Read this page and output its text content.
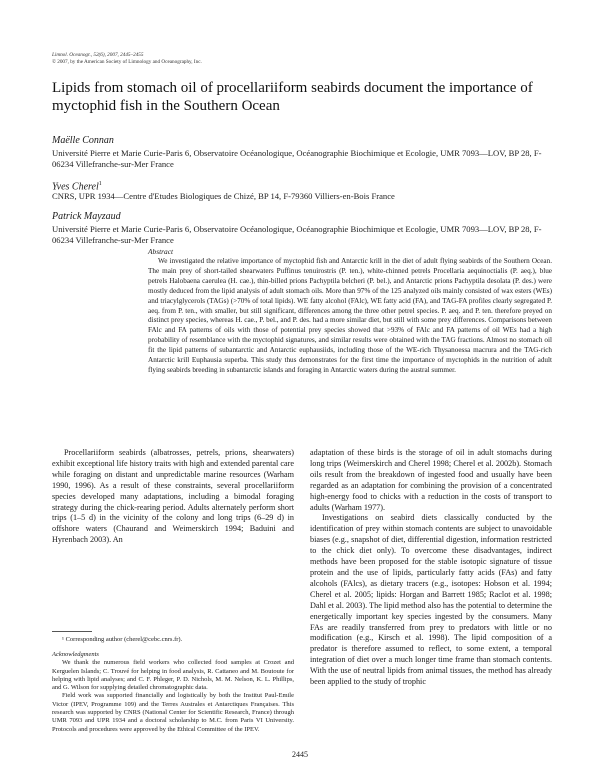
Limnol. Oceanogr., 52(6), 2007, 2445–2455
© 2007, by the American Society of Limnology and Oceanography, Inc.
Lipids from stomach oil of procellariiform seabirds document the importance of myctophid fish in the Southern Ocean
Maëlle Connan
Université Pierre et Marie Curie-Paris 6, Observatoire Océanologique, Océanographie Biochimique et Ecologie, UMR 7093—LOV, BP 28, F-06234 Villefranche-sur-Mer France
Yves Cherel$^1$
CNRS, UPR 1934—Centre d'Etudes Biologiques de Chizé, BP 14, F-79360 Villiers-en-Bois France
Patrick Mayzaud
Université Pierre et Marie Curie-Paris 6, Observatoire Océanologique, Océanographie Biochimique et Ecologie, UMR 7093—LOV, BP 28, F-06234 Villefranche-sur-Mer France
Abstract

We investigated the relative importance of myctophid fish and Antarctic krill in the diet of adult flying seabirds of the Southern Ocean. The main prey of short-tailed shearwaters Puffinus tenuirostris (P. ten.), white-chinned petrels Procellaria aequinoctialis (P. aeq.), blue petrels Halobaena caerulea (H. cae.), thin-billed prions Pachyptila belcheri (P. bel.), and Antarctic prions Pachyptila desolata (P. des.) were mostly deduced from the lipid analysis of adult stomach oils. More than 97% of the 125 analyzed oils mainly consisted of wax esters (WEs) and triacylglycerols (TAGs) (>70% of total lipids). WE fatty alcohol (FAlc), WE fatty acid (FA), and TAG-FA profiles clearly segregated P. aeq. from P. ten., with smaller, but still significant, differences among the three other petrel species. P. aeq. and P. ten. therefore preyed on distinct prey species, whereas H. cae., P. bel., and P. des. had a more similar diet, but still with some prey differences. Comparisons between FAlc and FA patterns of oils with those of potential prey species showed that >93% of FAlc and FA patterns of oil WEs had a high probability of resemblance with the myctophid signatures, and similar results were obtained with the TAG fractions. Almost no stomach oil fit the lipid patterns of subantarctic and Antarctic euphausiids, including those of the WE-rich Thysanoessa macrura and the TAG-rich Antarctic krill Euphausia superba. This study thus demonstrates for the first time the importance of myctophids in the nutrition of adult flying seabirds breeding in subantarctic islands and foraging in Antarctic waters during the austral summer.

Procellariiform seabirds (albatrosses, petrels, prions, shearwaters) exhibit exceptional life history traits with high and extended parental care while foraging on distant and unpredictable marine resources (Warham 1990, 1996). As a result of these constraints, several procellariiform species developed many adaptations, including a bimodal foraging strategy during the chick-rearing period. Adults alternately perform short trips (1–5 d) in the vicinity of the colony and long trips (6–29 d) in offshore waters (Chaurand and Weimerskirch 1994; Baduini and Hyrenbach 2003). An

adaptation of these birds is the storage of oil in adult stomachs during long trips (Weimerskirch and Cherel 1998; Cherel et al. 2002b). Stomach oils result from the breakdown of ingested food and usually have been regarded as an adaptation for combining the provision of a concentrated high-energy food to chicks with a reduction in the costs of transport to adults (Warham 1977).

Investigations on seabird diets classically conducted by the identification of prey within stomach contents are subject to unavoidable biases (e.g., snapshot of diet, differential digestion, information restricted to the chick diet only). To overcome these disadvantages, indirect methods have been proposed for the stable isotopic signature of tissue protein and the use of lipids, particularly fatty acids (FAs) and fatty alcohols (FAlcs), as dietary tracers (e.g., isotopes: Hobson et al. 1994; Cherel et al. 2005; lipids: Horgan and Barrett 1985; Raclot et al. 1998; Dahl et al. 2003). The lipid method also has the potential to determine the energetically important key species ingested by the consumers. Many FAs are readily transferred from prey to predators with little or no modification (e.g., Kirsch et al. 1998). The lipid composition of a predator is therefore assumed to reflect, to some extent, a temporal integration of diet over a much longer time frame than stomach contents. With the use of neutral lipids from animal tissues, the method has already been applied to the study of trophic

¹ Corresponding author (cherel@cebc.cnrs.fr).

Acknowledgments

We thank the numerous field workers who collected food samples at Crozet and Kerguelen Islands; C. Trouvé for helping in food analysis, R. Cattaneo and M. Boutoute for helping with lipid analyses; and C. F. Phleger, P. D. Nichols, M. M. Nelson, K. L. Phillips, and G. Wilson for supplying detailed chromatographic data.

Field work was supported financially and logistically by both the Institut Paul-Emile Victor (IPEV, Programme 109) and the Terres Australes et Antarctiques Françaises. This research was supported by CNRS (National Center for Scientific Research, France) through UMR 7093 and UPR 1934 and a doctoral scholarship to M.C. from Paris VI University. Protocols and procedures were approved by the Ethical Committee of the IPEV.

2445
